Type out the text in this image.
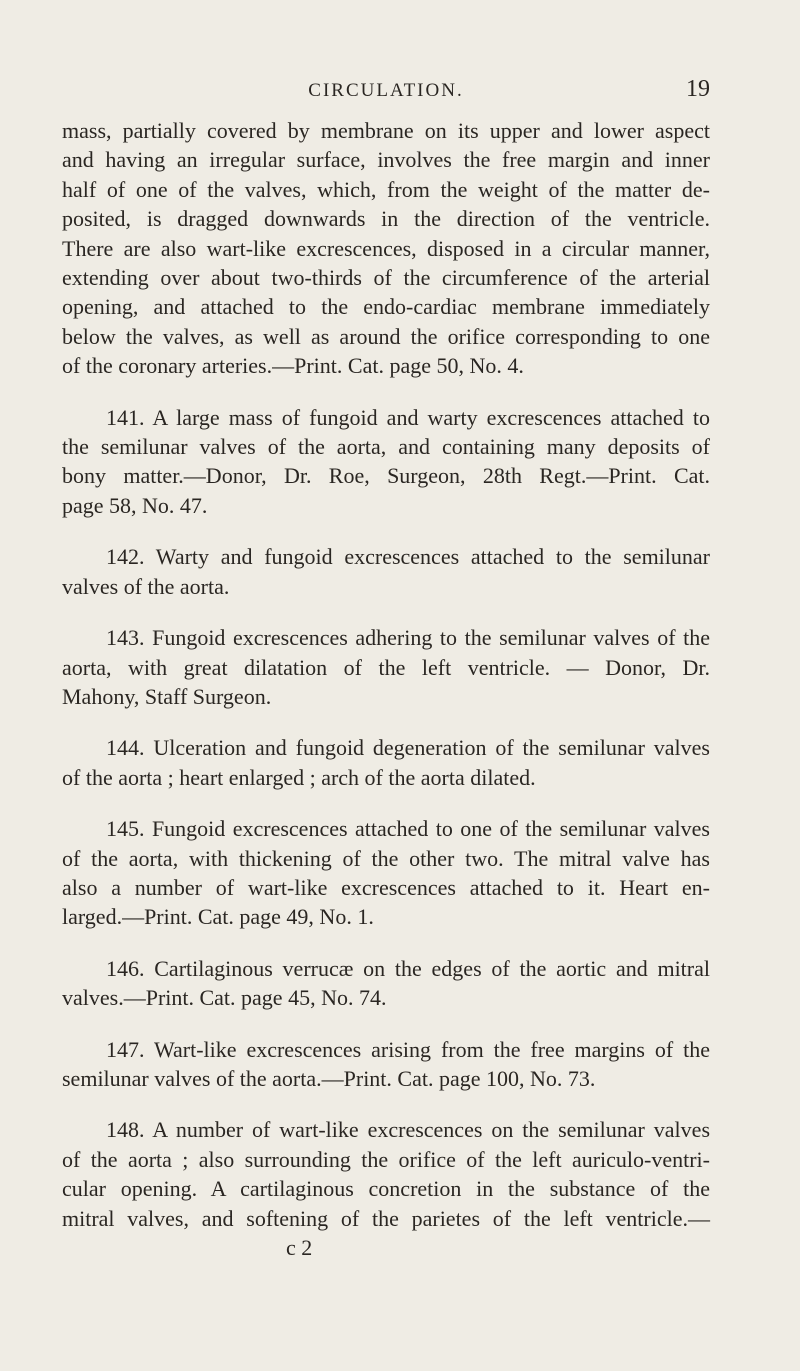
CIRCULATION.	19
mass, partially covered by membrane on its upper and lower aspect
and having an irregular surface, involves the free margin and inner
half of one of the valves, which, from the weight of the matter de-
posited, is dragged downwards in the direction of the ventricle.
There are also wart-like excrescences, disposed in a circular manner,
extending over about two-thirds of the circumference of the arterial
opening, and attached to the endo-cardiac membrane immediately
below the valves, as well as around the orifice corresponding to one
of the coronary arteries.—Print. Cat. page 50, No. 4.
141. A large mass of fungoid and warty excrescences attached to
the semilunar valves of the aorta, and containing many deposits of
bony matter.—Donor, Dr. Roe, Surgeon, 28th Regt.—Print. Cat.
page 58, No. 47.
142. Warty and fungoid excrescences attached to the semilunar
valves of the aorta.
143. Fungoid excrescences adhering to the semilunar valves of the
aorta, with great dilatation of the left ventricle. — Donor, Dr.
Mahony, Staff Surgeon.
144. Ulceration and fungoid degeneration of the semilunar valves
of the aorta ; heart enlarged ; arch of the aorta dilated.
145. Fungoid excrescences attached to one of the semilunar valves
of the aorta, with thickening of the other two. The mitral valve has
also a number of wart-like excrescences attached to it. Heart en-
larged.—Print. Cat. page 49, No. 1.
146. Cartilaginous verrucæ on the edges of the aortic and mitral
valves.—Print. Cat. page 45, No. 74.
147. Wart-like excrescences arising from the free margins of the
semilunar valves of the aorta.—Print. Cat. page 100, No. 73.
148. A number of wart-like excrescences on the semilunar valves
of the aorta ; also surrounding the orifice of the left auriculo-ventri-
cular opening. A cartilaginous concretion in the substance of the
mitral valves, and softening of the parietes of the left ventricle.—
c 2
